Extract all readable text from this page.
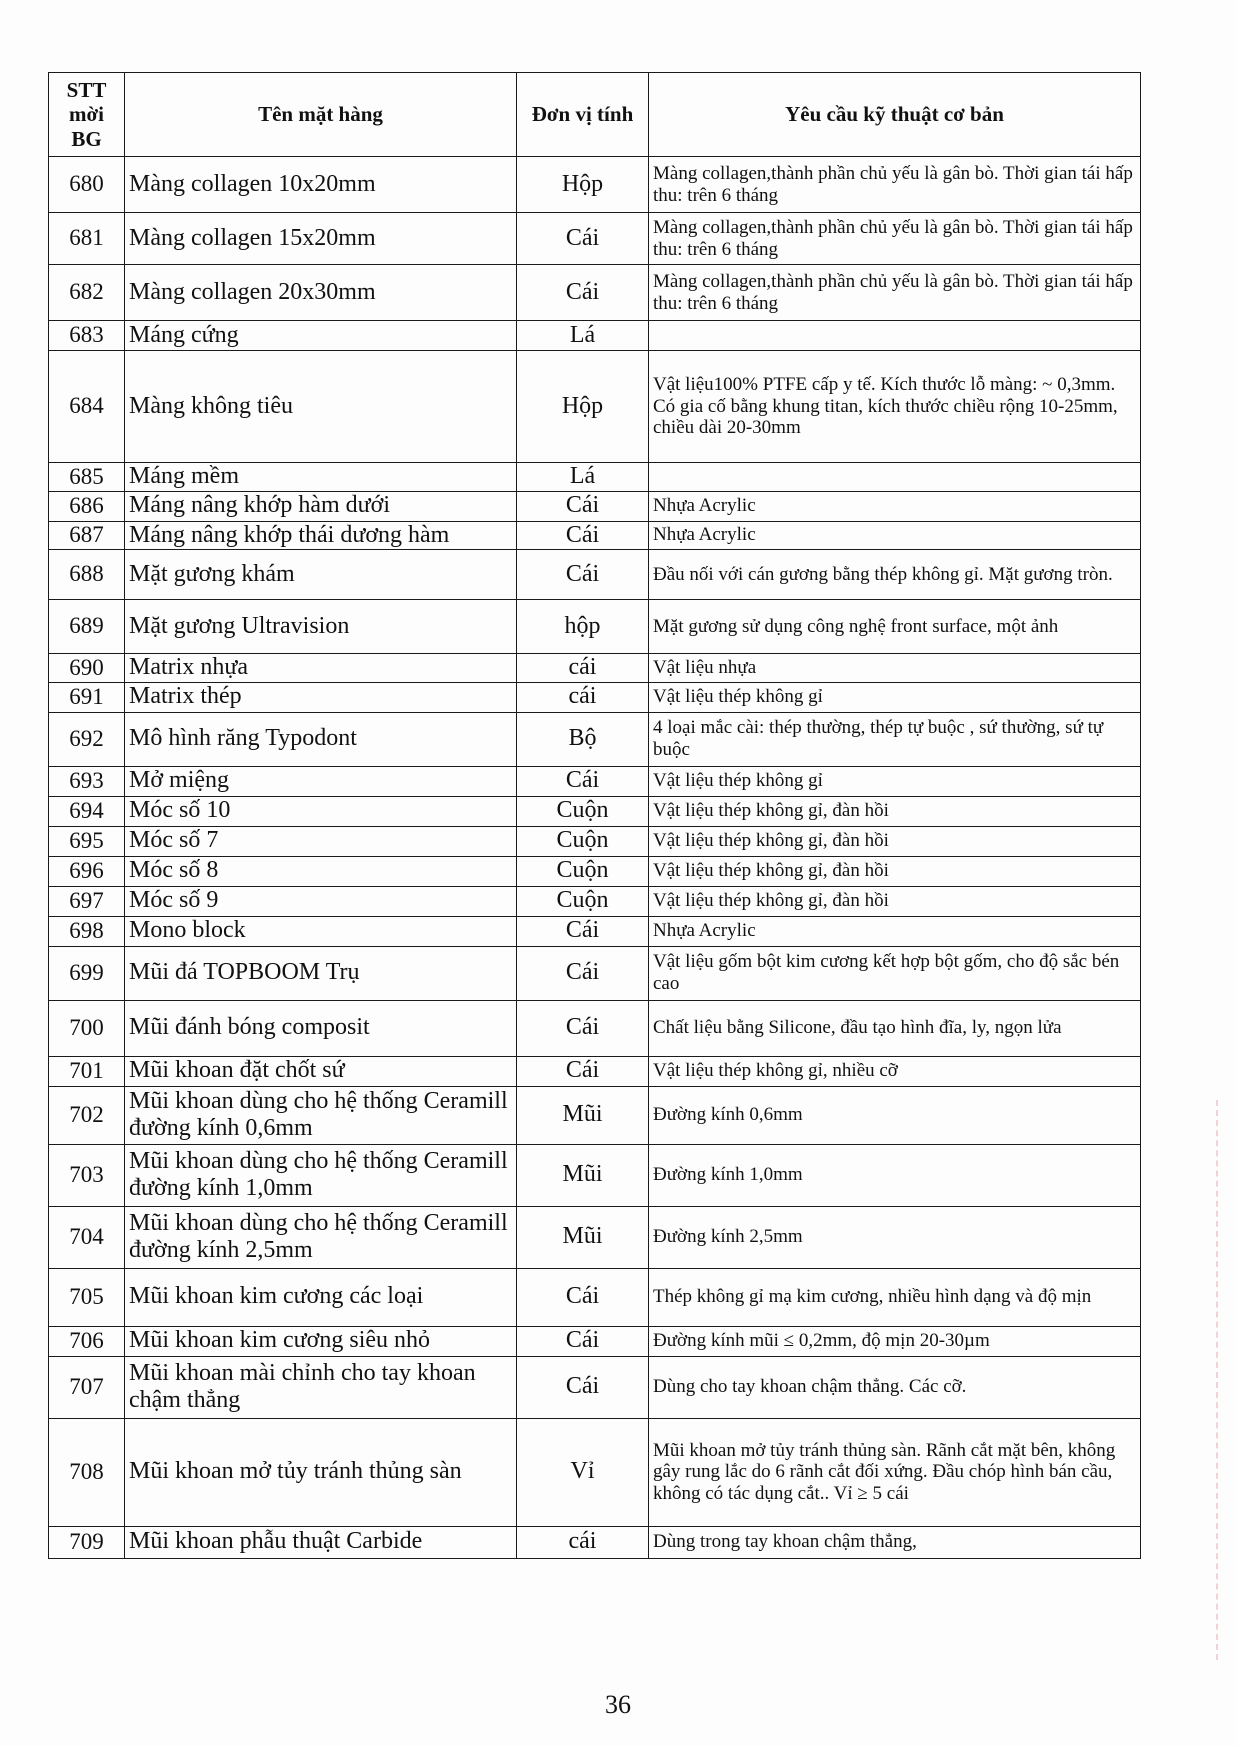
STT mời BG	Tên mặt hàng	Đơn vị tính	Yêu cầu kỹ thuật cơ bản
680	Màng collagen 10x20mm	Hộp	Màng collagen,thành phần chủ yếu là gân bò. Thời gian tái hấp thu: trên 6 tháng
681	Màng collagen 15x20mm	Cái	Màng collagen,thành phần chủ yếu là gân bò. Thời gian tái hấp thu: trên 6 tháng
682	Màng collagen 20x30mm	Cái	Màng collagen,thành phần chủ yếu là gân bò. Thời gian tái hấp thu: trên 6 tháng
683	Máng cứng	Lá	
684	Màng không tiêu	Hộp	Vật liệu100% PTFE cấp y tế. Kích thước lỗ màng: ~ 0,3mm. Có gia cố bằng khung titan, kích thước chiều rộng 10-25mm, chiều dài 20-30mm
685	Máng mềm	Lá	
686	Máng nâng khớp hàm dưới	Cái	Nhựa Acrylic
687	Máng nâng khớp thái dương hàm	Cái	Nhựa Acrylic
688	Mặt gương khám	Cái	Đầu nối với cán gương bằng thép không gỉ. Mặt gương tròn.
689	Mặt gương Ultravision	hộp	Mặt gương sử dụng công nghệ front surface, một ảnh
690	Matrix nhựa	cái	Vật liệu nhựa
691	Matrix thép	cái	Vật liệu thép không gỉ
692	Mô hình răng Typodont	Bộ	4 loại mắc cài: thép thường, thép tự buộc , sứ thường, sứ tự buộc
693	Mở miệng	Cái	Vật liệu thép không gỉ
694	Móc số 10	Cuộn	Vật liệu thép không gỉ, đàn hồi
695	Móc số 7	Cuộn	Vật liệu thép không gỉ, đàn hồi
696	Móc số 8	Cuộn	Vật liệu thép không gỉ, đàn hồi
697	Móc số 9	Cuộn	Vật liệu thép không gỉ, đàn hồi
698	Mono block	Cái	Nhựa Acrylic
699	Mũi đá TOPBOOM Trụ	Cái	Vật liệu gốm bột kim cương kết hợp bột gốm, cho độ sắc bén cao
700	Mũi đánh bóng composit	Cái	Chất liệu bằng Silicone, đầu tạo hình đĩa, ly, ngọn lửa
701	Mũi khoan đặt chốt sứ	Cái	Vật liệu thép không gỉ, nhiều cỡ
702	Mũi khoan dùng cho hệ thống Ceramill đường kính 0,6mm	Mũi	Đường kính 0,6mm
703	Mũi khoan dùng cho hệ thống Ceramill đường kính 1,0mm	Mũi	Đường kính 1,0mm
704	Mũi khoan dùng cho hệ thống Ceramill đường kính 2,5mm	Mũi	Đường kính 2,5mm
705	Mũi khoan kim cương các loại	Cái	Thép không gỉ mạ kim cương, nhiều hình dạng và độ mịn
706	Mũi khoan kim cương siêu nhỏ	Cái	Đường kính mũi ≤ 0,2mm, độ mịn 20-30µm
707	Mũi khoan mài chỉnh cho tay khoan chậm thẳng	Cái	Dùng cho tay khoan chậm thẳng. Các cỡ.
708	Mũi khoan mở tủy tránh thủng sàn	Vỉ	Mũi khoan mở tủy tránh thủng sàn. Rãnh cắt mặt bên, không gây rung lắc do 6 rãnh cắt đối xứng. Đầu chóp hình bán cầu, không có tác dụng cắt.. Vỉ ≥ 5 cái
709	Mũi khoan phẫu thuật Carbide	cái	Dùng trong tay khoan chậm thẳng,
36
